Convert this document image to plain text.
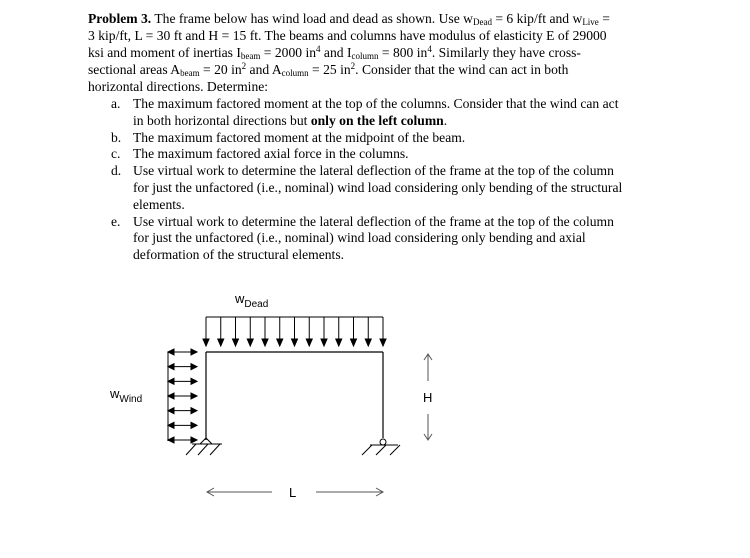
Problem 3. The frame below has wind load and dead as shown. Use $w_{Dead} = 6$ kip/ft and $w_{Live}$ =
3 kip/ft, L = 30 ft and H = 15 ft. The beams and columns have modulus of elasticity E of 29000
ksi and moment of inertias $I_{beam} = 2000$ $in^4$ and $I_{column} = 800$ $in^4$. Similarly they have cross-
sectional areas $A_{beam} = 20$ $in^2$ and $A_{column} = 25$ $in^2$. Consider that the wind can act in both
horizontal directions. Determine:
a. The maximum factored moment at the top of the columns. Consider that the wind can act
in both horizontal directions but only on the left column.
b. The maximum factored moment at the midpoint of the beam.
c. The maximum factored axial force in the columns.
d. Use virtual work to determine the lateral deflection of the frame at the top of the column
for just the unfactored (i.e., nominal) wind load considering only bending of the structural
elements.
e. Use virtual work to determine the lateral deflection of the frame at the top of the column
for just the unfactored (i.e., nominal) wind load considering only bending and axial
deformation of the structural elements.
$w_{Dead}$
$w_{Wind}$	H
L
